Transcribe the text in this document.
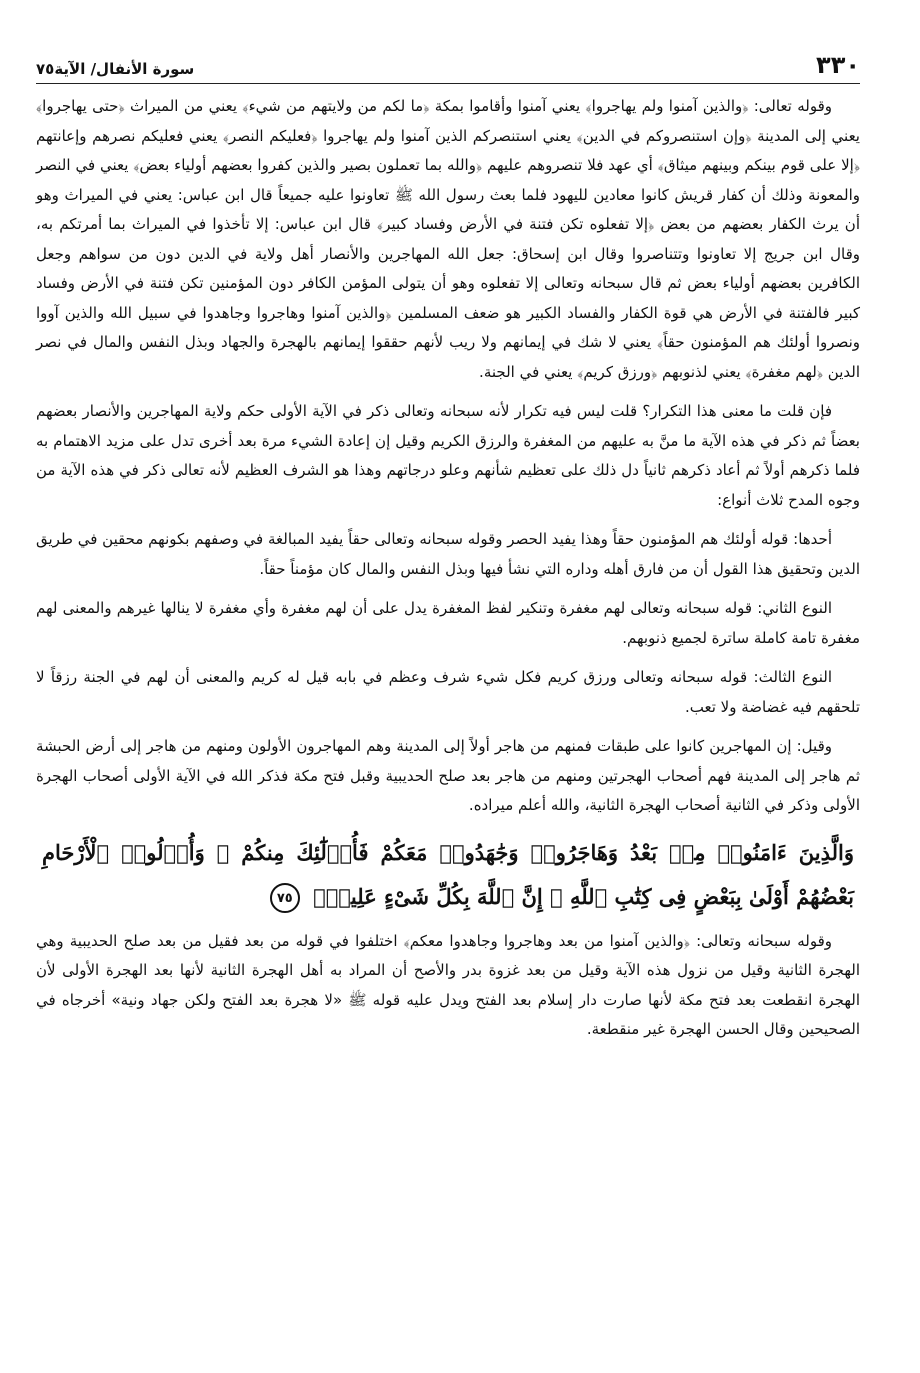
٣٣٠
سورة الأنفال/ الآية٧٥

وقوله تعالى: ﴿والذين آمنوا ولم يهاجروا﴾ يعني آمنوا وأقاموا بمكة ﴿ما لكم من ولايتهم من شيء﴾ يعني من الميراث ﴿حتى يهاجروا﴾ يعني إلى المدينة ﴿وإن استنصروكم في الدين﴾ يعني استنصركم الذين آمنوا ولم يهاجروا ﴿فعليكم النصر﴾ يعني فعليكم نصرهم وإعانتهم ﴿إلا على قوم بينكم وبينهم ميثاق﴾ أي عهد فلا تنصروهم عليهم ﴿والله بما تعملون بصير والذين كفروا بعضهم أولياء بعض﴾ يعني في النصر والمعونة وذلك أن كفار قريش كانوا معادين لليهود فلما بعث رسول الله ﷺ تعاونوا عليه جميعاً قال ابن عباس: يعني في الميراث وهو أن يرث الكفار بعضهم من بعض ﴿إلا تفعلوه تكن فتنة في الأرض وفساد كبير﴾ قال ابن عباس: إلا تأخذوا في الميراث بما أمرتكم به، وقال ابن جريج إلا تعاونوا وتتناصروا وقال ابن إسحاق: جعل الله المهاجرين والأنصار أهل ولاية في الدين دون من سواهم وجعل الكافرين بعضهم أولياء بعض ثم قال سبحانه وتعالى إلا تفعلوه وهو أن يتولى المؤمن الكافر دون المؤمنين تكن فتنة في الأرض وفساد كبير فالفتنة في الأرض هي قوة الكفار والفساد الكبير هو ضعف المسلمين ﴿والذين آمنوا وهاجروا وجاهدوا في سبيل الله والذين آووا ونصروا أولئك هم المؤمنون حقاً﴾ يعني لا شك في إيمانهم ولا ريب لأنهم حققوا إيمانهم بالهجرة والجهاد وبذل النفس والمال في نصر الدين ﴿لهم مغفرة﴾ يعني لذنوبهم ﴿ورزق كريم﴾ يعني في الجنة.

فإن قلت ما معنى هذا التكرار؟ قلت ليس فيه تكرار لأنه سبحانه وتعالى ذكر في الآية الأولى حكم ولاية المهاجرين والأنصار بعضهم بعضاً ثم ذكر في هذه الآية ما منَّ به عليهم من المغفرة والرزق الكريم وقيل إن إعادة الشيء مرة بعد أخرى تدل على مزيد الاهتمام به فلما ذكرهم أولاً ثم أعاد ذكرهم ثانياً دل ذلك على تعظيم شأنهم وعلو درجاتهم وهذا هو الشرف العظيم لأنه تعالى ذكر في هذه الآية من وجوه المدح ثلاث أنواع:

أحدها: قوله أولئك هم المؤمنون حقاً وهذا يفيد الحصر وقوله سبحانه وتعالى حقاً يفيد المبالغة في وصفهم بكونهم محقين في طريق الدين وتحقيق هذا القول أن من فارق أهله وداره التي نشأ فيها وبذل النفس والمال كان مؤمناً حقاً.

النوع الثاني: قوله سبحانه وتعالى لهم مغفرة وتنكير لفظ المغفرة يدل على أن لهم مغفرة وأي مغفرة لا ينالها غيرهم والمعنى لهم مغفرة تامة كاملة ساترة لجميع ذنوبهم.

النوع الثالث: قوله سبحانه وتعالى ورزق كريم فكل شيء شرف وعظم في بابه قيل له كريم والمعنى أن لهم في الجنة رزقاً لا تلحقهم فيه غضاضة ولا تعب.

وقيل: إن المهاجرين كانوا على طبقات فمنهم من هاجر أولاً إلى المدينة وهم المهاجرون الأولون ومنهم من هاجر إلى أرض الحبشة ثم هاجر إلى المدينة فهم أصحاب الهجرتين ومنهم من هاجر بعد صلح الحديبية وقبل فتح مكة فذكر الله في الآية الأولى أصحاب الهجرة الأولى وذكر في الثانية أصحاب الهجرة الثانية، والله أعلم ميراده.

وَالَّذِينَ ءَامَنُوا۟ مِنۢ بَعْدُ وَهَاجَرُوا۟ وَجَٰهَدُوا۟ مَعَكُمْ فَأُو۟لَٰٓئِكَ مِنكُمْ ۚ وَأُو۟لُوا۟ ٱلْأَرْحَامِ بَعْضُهُمْ أَوْلَىٰ بِبَعْضٍ فِى كِتَٰبِ ٱللَّهِ ۗ إِنَّ ٱللَّهَ بِكُلِّ شَىْءٍ عَلِيمٌۢ ٧٥

وقوله سبحانه وتعالى: ﴿والذين آمنوا من بعد وهاجروا وجاهدوا معكم﴾ اختلفوا في قوله من بعد فقيل من بعد صلح الحديبية وهي الهجرة الثانية وقيل من نزول هذه الآية وقيل من بعد غزوة بدر والأصح أن المراد به أهل الهجرة الثانية لأنها بعد الهجرة الأولى لأن الهجرة انقطعت بعد فتح مكة لأنها صارت دار إسلام بعد الفتح ويدل عليه قوله ﷺ «لا هجرة بعد الفتح ولكن جهاد ونية» أخرجاه في الصحيحين وقال الحسن الهجرة غير منقطعة.
